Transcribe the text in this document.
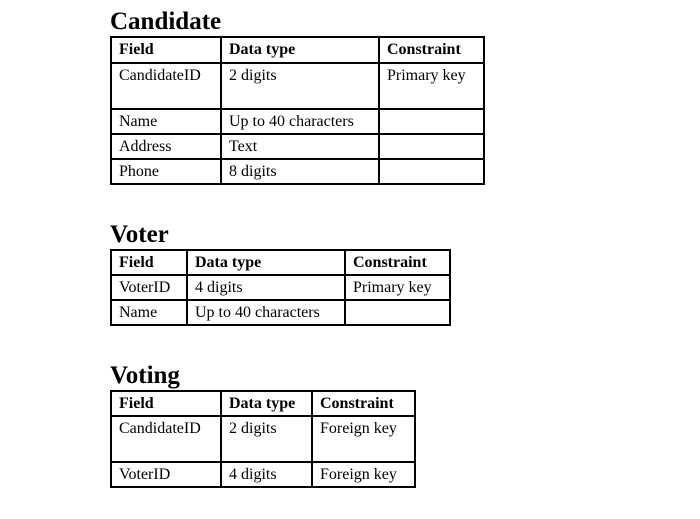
Candidate
Field	Data type	Constraint
CandidateID	2 digits	Primary key
Name	Up to 40 characters	
Address	Text	
Phone	8 digits	
Voter
Field	Data type	Constraint
VoterID	4 digits	Primary key
Name	Up to 40 characters	
Voting
Field	Data type	Constraint
CandidateID	2 digits	Foreign key
VoterID	4 digits	Foreign key
